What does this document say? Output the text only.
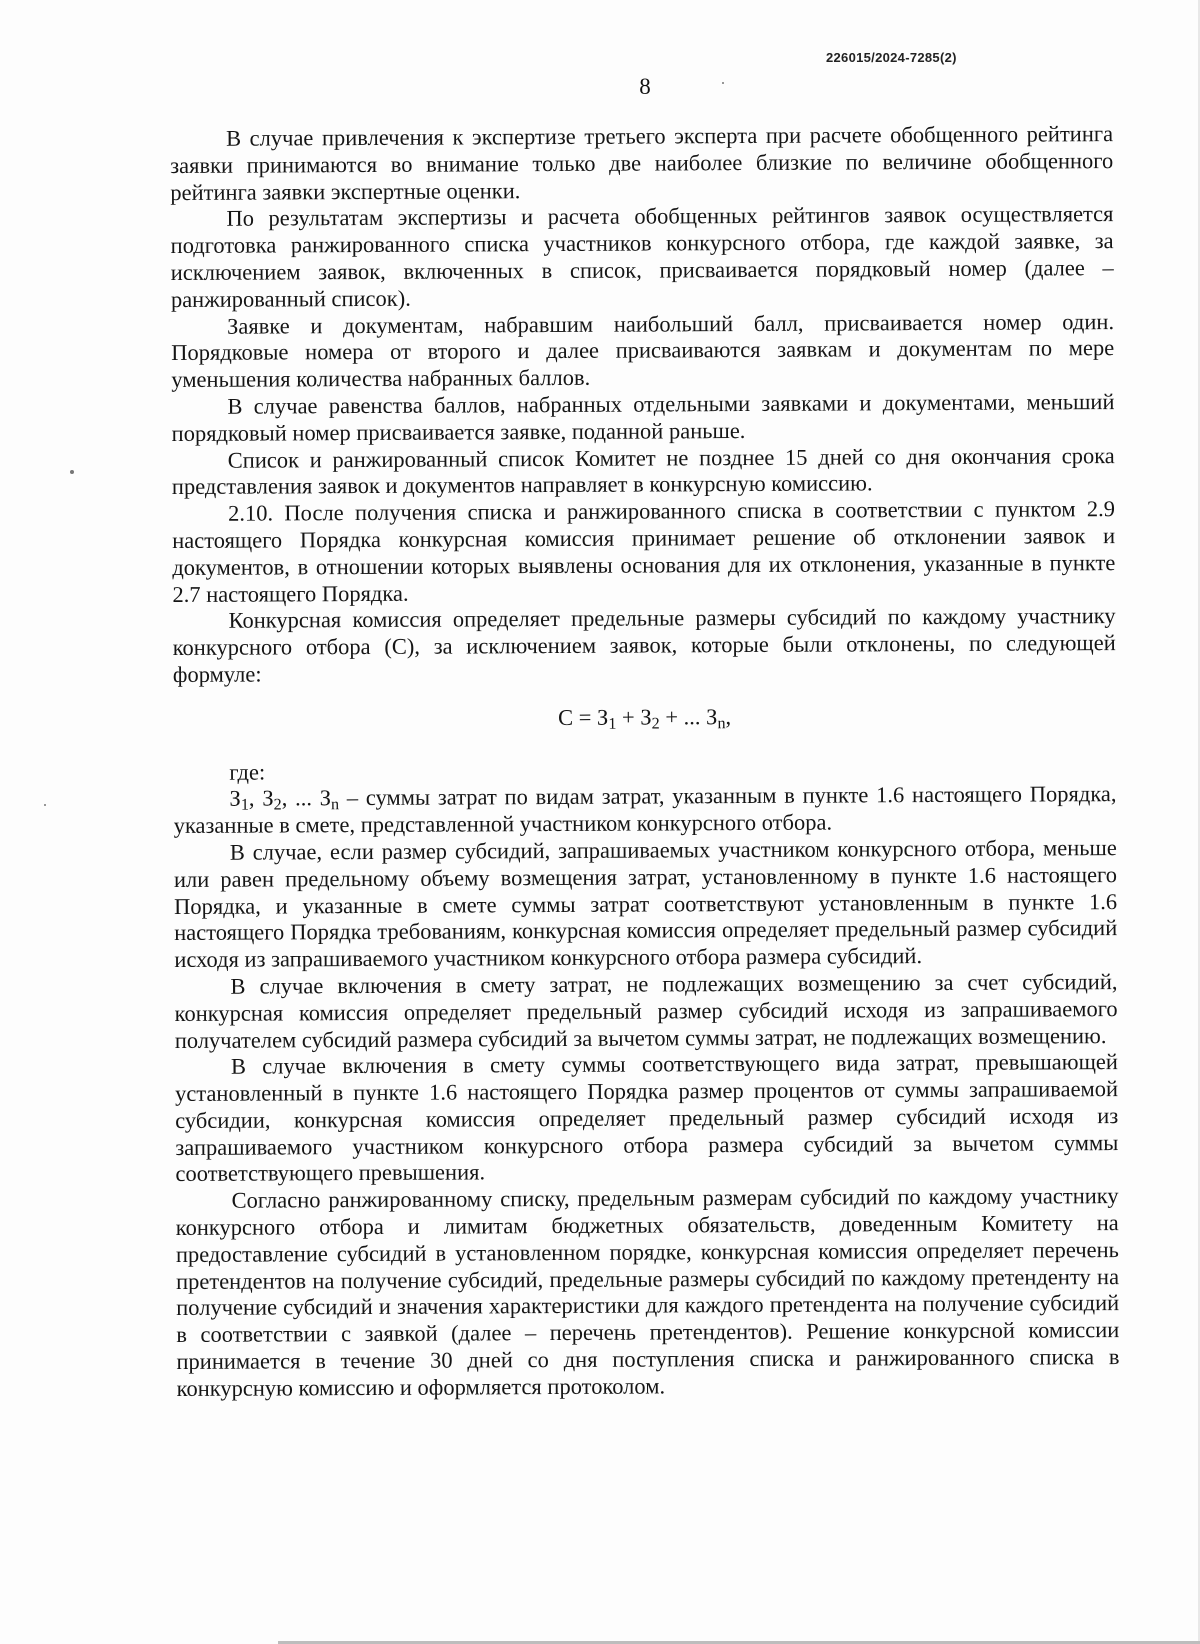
226015/2024-7285(2)
8

В случае привлечения к экспертизе третьего эксперта при расчете обобщенного рейтинга заявки принимаются во внимание только две наиболее близкие по величине обобщенного рейтинга заявки экспертные оценки.

По результатам экспертизы и расчета обобщенных рейтингов заявок осуществляется подготовка ранжированного списка участников конкурсного отбора, где каждой заявке, за исключением заявок, включенных в список, присваивается порядковый номер (далее – ранжированный список).

Заявке и документам, набравшим наибольший балл, присваивается номер один. Порядковые номера от второго и далее присваиваются заявкам и документам по мере уменьшения количества набранных баллов.

В случае равенства баллов, набранных отдельными заявками и документами, меньший порядковый номер присваивается заявке, поданной раньше.

Список и ранжированный список Комитет не позднее 15 дней со дня окончания срока представления заявок и документов направляет в конкурсную комиссию.

2.10. После получения списка и ранжированного списка в соответствии с пунктом 2.9 настоящего Порядка конкурсная комиссия принимает решение об отклонении заявок и документов, в отношении которых выявлены основания для их отклонения, указанные в пункте 2.7 настоящего Порядка.

Конкурсная комиссия определяет предельные размеры субсидий по каждому участнику конкурсного отбора (С), за исключением заявок, которые были отклонены, по следующей формуле:

$С = З_1 + З_2$ + ... $З_n$,

где:

$З_1$, $З_2$, ... $З_n$ – суммы затрат по видам затрат, указанным в пункте 1.6 настоящего Порядка, указанные в смете, представленной участником конкурсного отбора.

В случае, если размер субсидий, запрашиваемых участником конкурсного отбора, меньше или равен предельному объему возмещения затрат, установленному в пункте 1.6 настоящего Порядка, и указанные в смете суммы затрат соответствуют установленным в пункте 1.6 настоящего Порядка требованиям, конкурсная комиссия определяет предельный размер субсидий исходя из запрашиваемого участником конкурсного отбора размера субсидий.

В случае включения в смету затрат, не подлежащих возмещению за счет субсидий, конкурсная комиссия определяет предельный размер субсидий исходя из запрашиваемого получателем субсидий размера субсидий за вычетом суммы затрат, не подлежащих возмещению.

В случае включения в смету суммы соответствующего вида затрат, превышающей установленный в пункте 1.6 настоящего Порядка размер процентов от суммы запрашиваемой субсидии, конкурсная комиссия определяет предельный размер субсидий исходя из запрашиваемого участником конкурсного отбора размера субсидий за вычетом суммы соответствующего превышения.

Согласно ранжированному списку, предельным размерам субсидий по каждому участнику конкурсного отбора и лимитам бюджетных обязательств, доведенным Комитету на предоставление субсидий в установленном порядке, конкурсная комиссия определяет перечень претендентов на получение субсидий, предельные размеры субсидий по каждому претенденту на получение субсидий и значения характеристики для каждого претендента на получение субсидий в соответствии с заявкой (далее – перечень претендентов). Решение конкурсной комиссии принимается в течение 30 дней со дня поступления списка и ранжированного списка в конкурсную комиссию и оформляется протоколом.
